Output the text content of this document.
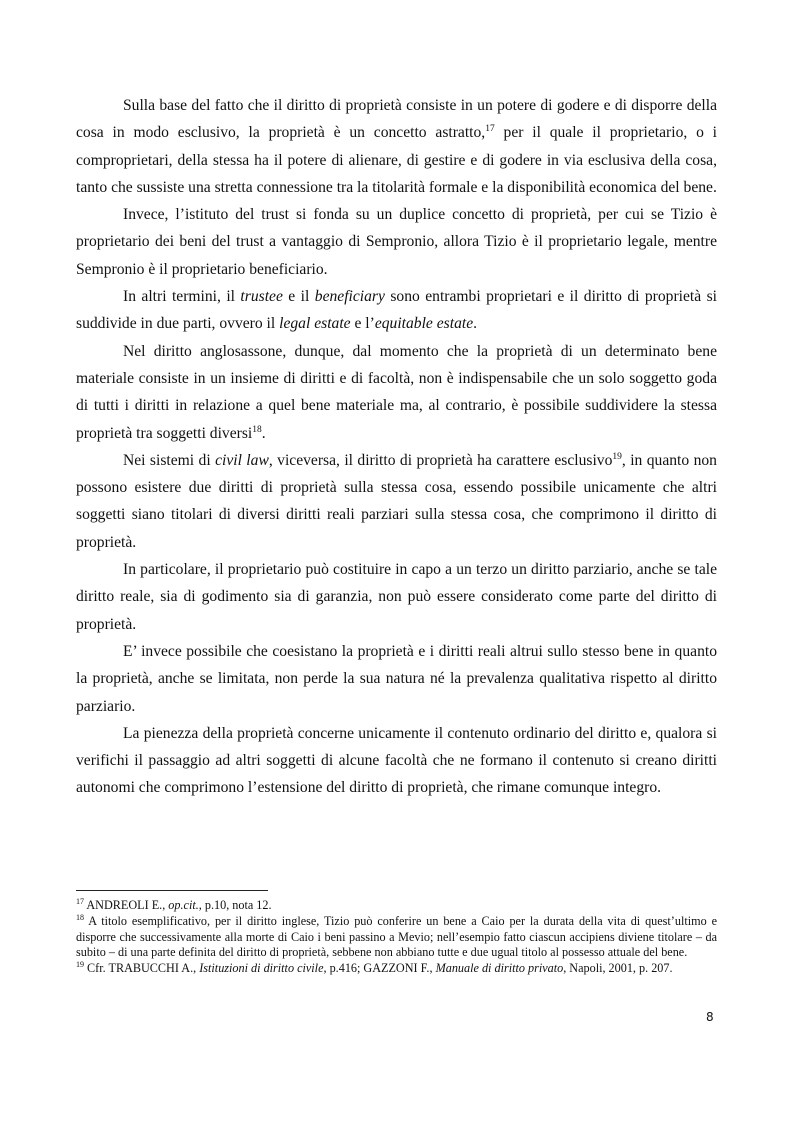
Sulla base del fatto che il diritto di proprietà consiste in un potere di godere e di disporre della cosa in modo esclusivo, la proprietà è un concetto astratto,$^{17}$ per il quale il proprietario, o i comproprietari, della stessa ha il potere di alienare, di gestire e di godere in via esclusiva della cosa, tanto che sussiste una stretta connessione tra la titolarità formale e la disponibilità economica del bene.

Invece, l’istituto del trust si fonda su un duplice concetto di proprietà, per cui se Tizio è proprietario dei beni del trust a vantaggio di Sempronio, allora Tizio è il proprietario legale, mentre Sempronio è il proprietario beneficiario.

In altri termini, il trustee e il beneficiary sono entrambi proprietari e il diritto di proprietà si suddivide in due parti, ovvero il legal estate e l’equitable estate.

Nel diritto anglosassone, dunque, dal momento che la proprietà di un determinato bene materiale consiste in un insieme di diritti e di facoltà, non è indispensabile che un solo soggetto goda di tutti i diritti in relazione a quel bene materiale ma, al contrario, è possibile suddividere la stessa proprietà tra soggetti diversi$^{18}$.

Nei sistemi di civil law, viceversa, il diritto di proprietà ha carattere esclusivo$^{19}$, in quanto non possono esistere due diritti di proprietà sulla stessa cosa, essendo possibile unicamente che altri soggetti siano titolari di diversi diritti reali parziari sulla stessa cosa, che comprimono il diritto di proprietà.

In particolare, il proprietario può costituire in capo a un terzo un diritto parziario, anche se tale diritto reale, sia di godimento sia di garanzia, non può essere considerato come parte del diritto di proprietà.

E’ invece possibile che coesistano la proprietà e i diritti reali altrui sullo stesso bene in quanto la proprietà, anche se limitata, non perde la sua natura né la prevalenza qualitativa rispetto al diritto parziario.

La pienezza della proprietà concerne unicamente il contenuto ordinario del diritto e, qualora si verifichi il passaggio ad altri soggetti di alcune facoltà che ne formano il contenuto si creano diritti autonomi che comprimono l’estensione del diritto di proprietà, che rimane comunque integro.

$^{17}$ ANDREOLI E., op.cit., p.10, nota 12.

$^{18}$ A titolo esemplificativo, per il diritto inglese, Tizio può conferire un bene a Caio per la durata della vita di quest’ultimo e disporre che successivamente alla morte di Caio i beni passino a Mevio; nell’esempio fatto ciascun accipiens diviene titolare – da subito – di una parte definita del diritto di proprietà, sebbene non abbiano tutte e due ugual titolo al possesso attuale del bene.

$^{19}$ Cfr. TRABUCCHI A., Istituzioni di diritto civile, p.416; GAZZONI F., Manuale di diritto privato, Napoli, 2001, p. 207.

8
